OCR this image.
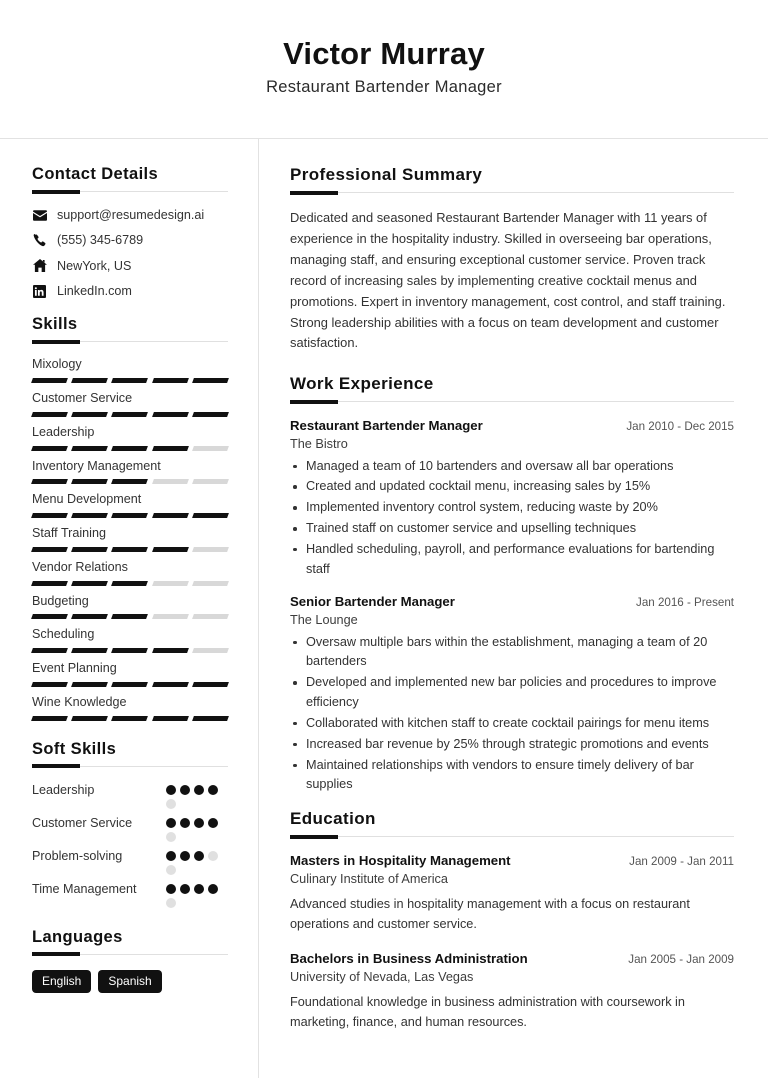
Victor Murray
Restaurant Bartender Manager
Contact Details
support@resumedesign.ai
(555) 345-6789
NewYork, US
LinkedIn.com
Skills
Mixology
Customer Service
Leadership
Inventory Management
Menu Development
Staff Training
Vendor Relations
Budgeting
Scheduling
Event Planning
Wine Knowledge
Soft Skills
Leadership
Customer Service
Problem-solving
Time Management
Languages
English	Spanish
Professional Summary

Dedicated and seasoned Restaurant Bartender Manager with 11 years of experience in the hospitality industry. Skilled in overseeing bar operations, managing staff, and ensuring exceptional customer service. Proven track record of increasing sales by implementing creative cocktail menus and promotions. Expert in inventory management, cost control, and staff training. Strong leadership abilities with a focus on team development and customer satisfaction.

Work Experience
Restaurant Bartender Manager	Jan 2010 - Dec 2015
The Bistro
Managed a team of 10 bartenders and oversaw all bar operations
Created and updated cocktail menu, increasing sales by 15%
Implemented inventory control system, reducing waste by 20%
Trained staff on customer service and upselling techniques
Handled scheduling, payroll, and performance evaluations for bartending staff
Senior Bartender Manager	Jan 2016 - Present
The Lounge
Oversaw multiple bars within the establishment, managing a team of 20 bartenders
Developed and implemented new bar policies and procedures to improve efficiency
Collaborated with kitchen staff to create cocktail pairings for menu items
Increased bar revenue by 25% through strategic promotions and events
Maintained relationships with vendors to ensure timely delivery of bar supplies
Education
Masters in Hospitality Management	Jan 2009 - Jan 2011
Culinary Institute of America
Advanced studies in hospitality management with a focus on restaurant operations and customer service.
Bachelors in Business Administration	Jan 2005 - Jan 2009
University of Nevada, Las Vegas
Foundational knowledge in business administration with coursework in marketing, finance, and human resources.
